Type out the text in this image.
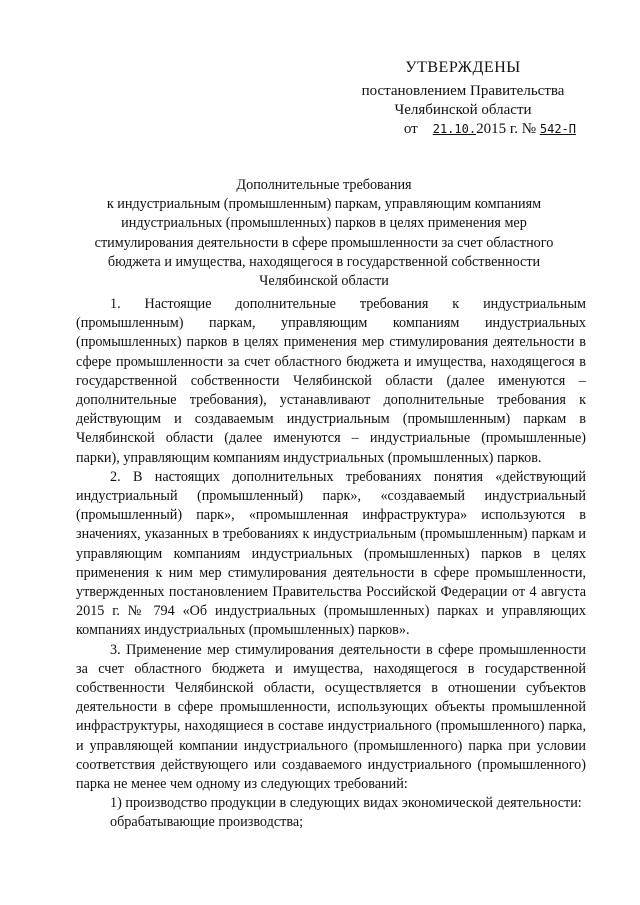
УТВЕРЖДЕНЫ
постановлением Правительства
Челябинской области
от 21.10.2015 г. № 542-П
Дополнительные требования
к индустриальным (промышленным) паркам, управляющим компаниям
индустриальных (промышленных) парков в целях применения мер
стимулирования деятельности в сфере промышленности за счет областного
бюджета и имущества, находящегося в государственной собственности
Челябинской области

1. Настоящие дополнительные требования к индустриальным (промышленным) паркам, управляющим компаниям индустриальных (промышленных) парков в целях применения мер стимулирования деятельности в сфере промышленности за счет областного бюджета и имущества, находящегося в государственной собственности Челябинской области (далее именуются – дополнительные требования), устанавливают дополнительные требования к действующим и создаваемым индустриальным (промышленным) паркам в Челябинской области (далее именуются – индустриальные (промышленные) парки), управляющим компаниям индустриальных (промышленных) парков.

2. В настоящих дополнительных требованиях понятия «действующий индустриальный (промышленный) парк», «создаваемый индустриальный (промышленный) парк», «промышленная инфраструктура» используются в значениях, указанных в требованиях к индустриальным (промышленным) паркам и управляющим компаниям индустриальных (промышленных) парков в целях применения к ним мер стимулирования деятельности в сфере промышленности, утвержденных постановлением Правительства Российской Федерации от 4 августа 2015 г. № 794 «Об индустриальных (промышленных) парках и управляющих компаниях индустриальных (промышленных) парков».

3. Применение мер стимулирования деятельности в сфере промышленности за счет областного бюджета и имущества, находящегося в государственной собственности Челябинской области, осуществляется в отношении субъектов деятельности в сфере промышленности, использующих объекты промышленной инфраструктуры, находящиеся в составе индустриального (промышленного) парка, и управляющей компании индустриального (промышленного) парка при условии соответствия действующего или создаваемого индустриального (промышленного) парка не менее чем одному из следующих требований:

1) производство продукции в следующих видах экономической деятельности:

обрабатывающие производства;
